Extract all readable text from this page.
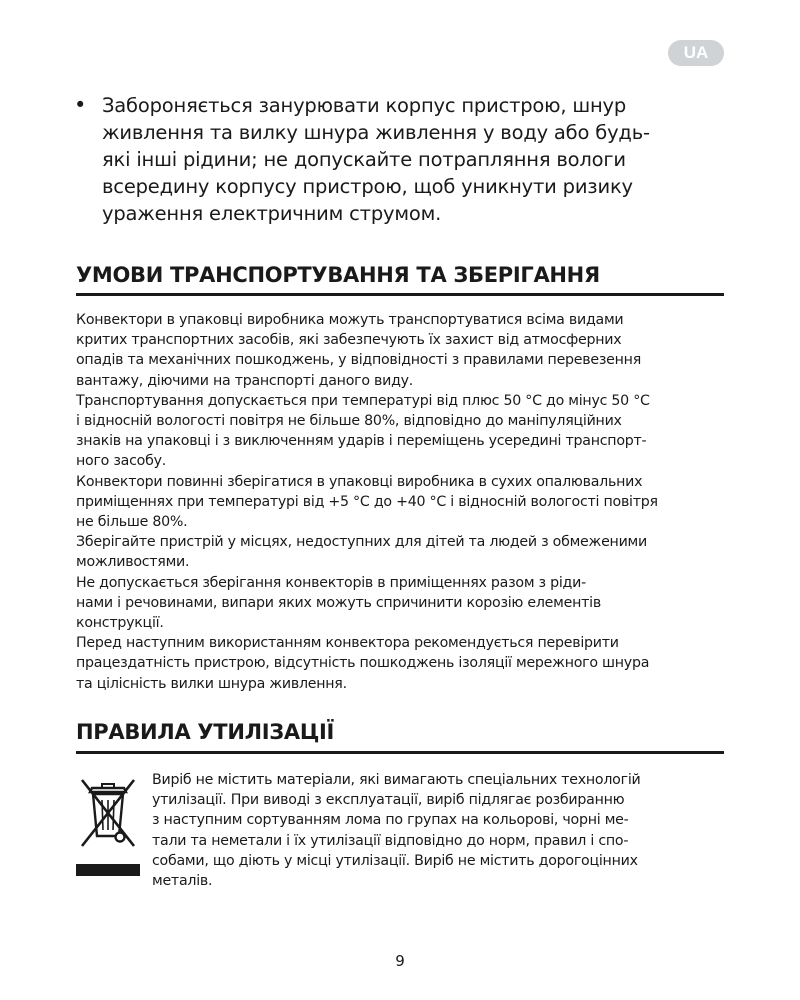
UA
• Забороняється занурювати корпус пристрою, шнур
живлення та вилку шнура живлення у воду або будь-
які інші рідини; не допускайте потрапляння вологи
всередину корпусу пристрою, щоб уникнути ризику
ураження електричним струмом.
УМОВИ ТРАНСПОРТУВАННЯ ТА ЗБЕРІГАННЯ

Конвектори в упаковці виробника можуть транспортуватися всіма видами
критих транспортних засобів, які забезпечують їх захист від атмосферних
опадів та механічних пошкоджень, у відповідності з правилами перевезення
вантажу, діючими на транспорті даного виду.

Транспортування допускається при температурі від плюс 50 °С до мінус 50 °С
і відносній вологості повітря не більше 80%, відповідно до маніпуляційних
знаків на упаковці і з виключенням ударів і переміщень усередині транспорт-
ного засобу.

Конвектори повинні зберігатися в упаковці виробника в сухих опалювальних
приміщеннях при температурі від +5 °С до +40 °С і відносній вологості повітря
не більше 80%.

Зберігайте пристрій у місцях, недоступних для дітей та людей з обмеженими
можливостями.

Не допускається зберігання конвекторів в приміщеннях разом з ріди-
нами і речовинами, випари яких можуть спричинити корозію елементів
конструкції.

Перед наступним використанням конвектора рекомендується перевірити
працездатність пристрою, відсутність пошкоджень ізоляції мережного шнура
та цілісність вилки шнура живлення.

ПРАВИЛА УТИЛІЗАЦІЇ
Виріб не містить матеріали, які вимагають спеціальних технологій
утилізації. При виводі з експлуатації, виріб підлягає розбиранню
з наступним сортуванням лома по групах на кольорові, чорні ме-
тали та неметали і їх утилізації відповідно до норм, правил і спо-
собами, що діють у місці утилізації. Виріб не містить дорогоцінних
металів.
9
